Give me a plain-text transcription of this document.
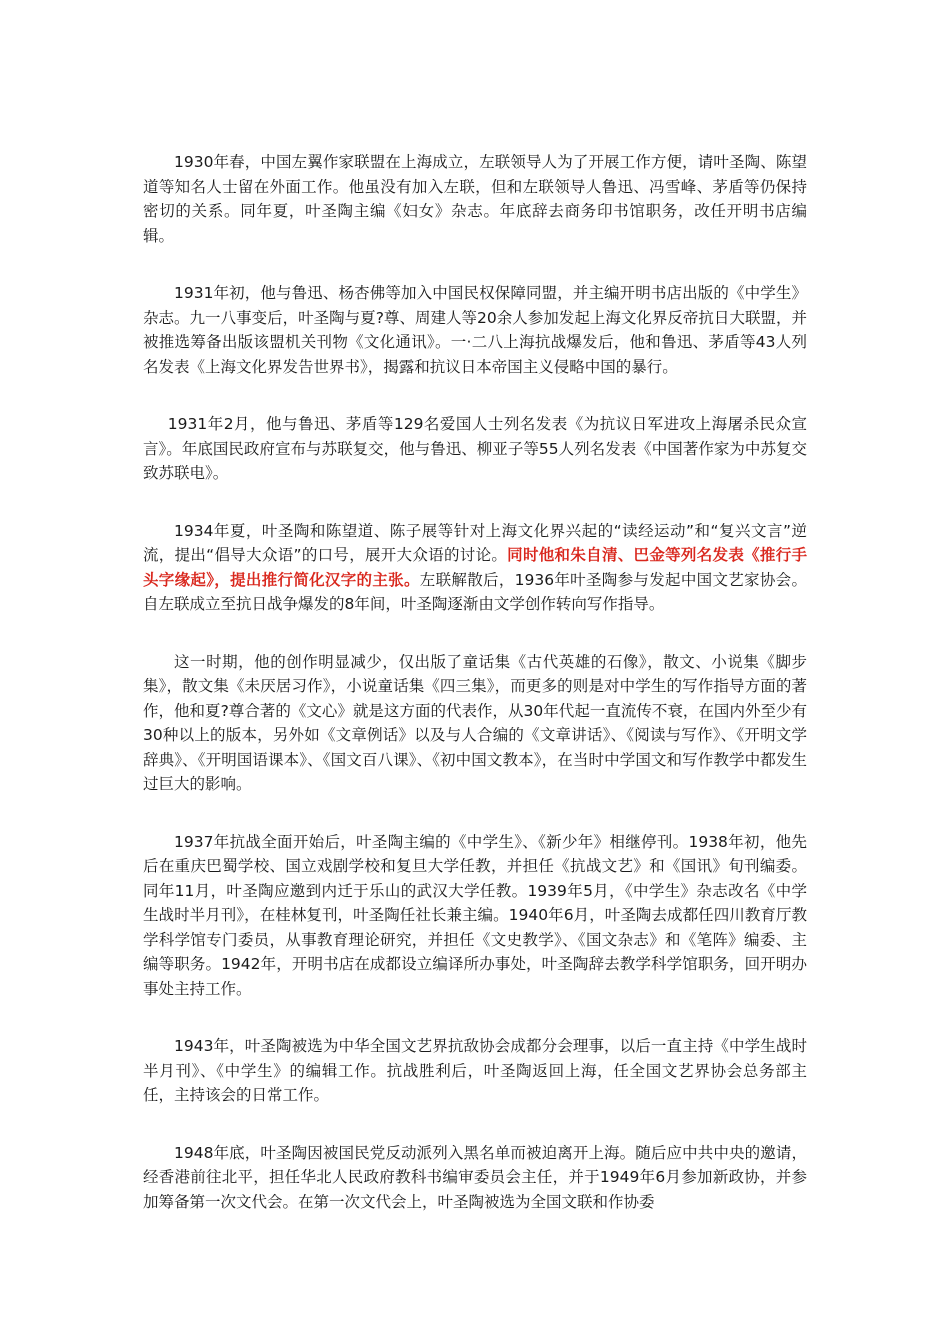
1930年春，中国左翼作家联盟在上海成立，左联领导人为了开展工作方便，请叶圣陶、陈望道等知名人士留在外面工作。他虽没有加入左联，但和左联领导人鲁迅、冯雪峰、茅盾等仍保持密切的关系。同年夏，叶圣陶主编《妇女》杂志。年底辞去商务印书馆职务，改任开明书店编辑。

1931年初，他与鲁迅、杨杏佛等加入中国民权保障同盟，并主编开明书店出版的《中学生》杂志。九一八事变后，叶圣陶与夏?尊、周建人等20余人参加发起上海文化界反帝抗日大联盟，并被推选筹备出版该盟机关刊物《文化通讯》。一·二八上海抗战爆发后，他和鲁迅、茅盾等43人列名发表《上海文化界发告世界书》，揭露和抗议日本帝国主义侵略中国的暴行。

1931年2月，他与鲁迅、茅盾等129名爱国人士列名发表《为抗议日军进攻上海屠杀民众宣言》。年底国民政府宣布与苏联复交，他与鲁迅、柳亚子等55人列名发表《中国著作家为中苏复交致苏联电》。

1934年夏，叶圣陶和陈望道、陈子展等针对上海文化界兴起的“读经运动”和“复兴文言”逆流，提出“倡导大众语”的口号，展开大众语的讨论。同时他和朱自清、巴金等列名发表《推行手头字缘起》，提出推行简化汉字的主张。左联解散后，1936年叶圣陶参与发起中国文艺家协会。自左联成立至抗日战争爆发的8年间，叶圣陶逐渐由文学创作转向写作指导。

这一时期，他的创作明显减少，仅出版了童话集《古代英雄的石像》，散文、小说集《脚步集》，散文集《未厌居习作》，小说童话集《四三集》，而更多的则是对中学生的写作指导方面的著作，他和夏?尊合著的《文心》就是这方面的代表作，从30年代起一直流传不衰，在国内外至少有30种以上的版本，另外如《文章例话》以及与人合编的《文章讲话》、《阅读与写作》、《开明文学辞典》、《开明国语课本》、《国文百八课》、《初中国文教本》，在当时中学国文和写作教学中都发生过巨大的影响。

1937年抗战全面开始后，叶圣陶主编的《中学生》、《新少年》相继停刊。1938年初，他先后在重庆巴蜀学校、国立戏剧学校和复旦大学任教，并担任《抗战文艺》和《国讯》旬刊编委。同年11月，叶圣陶应邀到内迁于乐山的武汉大学任教。1939年5月，《中学生》杂志改名《中学生战时半月刊》，在桂林复刊，叶圣陶任社长兼主编。1940年6月，叶圣陶去成都任四川教育厅教学科学馆专门委员，从事教育理论研究，并担任《文史教学》、《国文杂志》和《笔阵》编委、主编等职务。1942年，开明书店在成都设立编译所办事处，叶圣陶辞去教学科学馆职务，回开明办事处主持工作。

1943年，叶圣陶被选为中华全国文艺界抗敌协会成都分会理事，以后一直主持《中学生战时半月刊》、《中学生》的编辑工作。抗战胜利后，叶圣陶返回上海，任全国文艺界协会总务部主任，主持该会的日常工作。

1948年底，叶圣陶因被国民党反动派列入黑名单而被迫离开上海。随后应中共中央的邀请，经香港前往北平，担任华北人民政府教科书编审委员会主任，并于1949年6月参加新政协，并参加筹备第一次文代会。在第一次文代会上，叶圣陶被选为全国文联和作协委
